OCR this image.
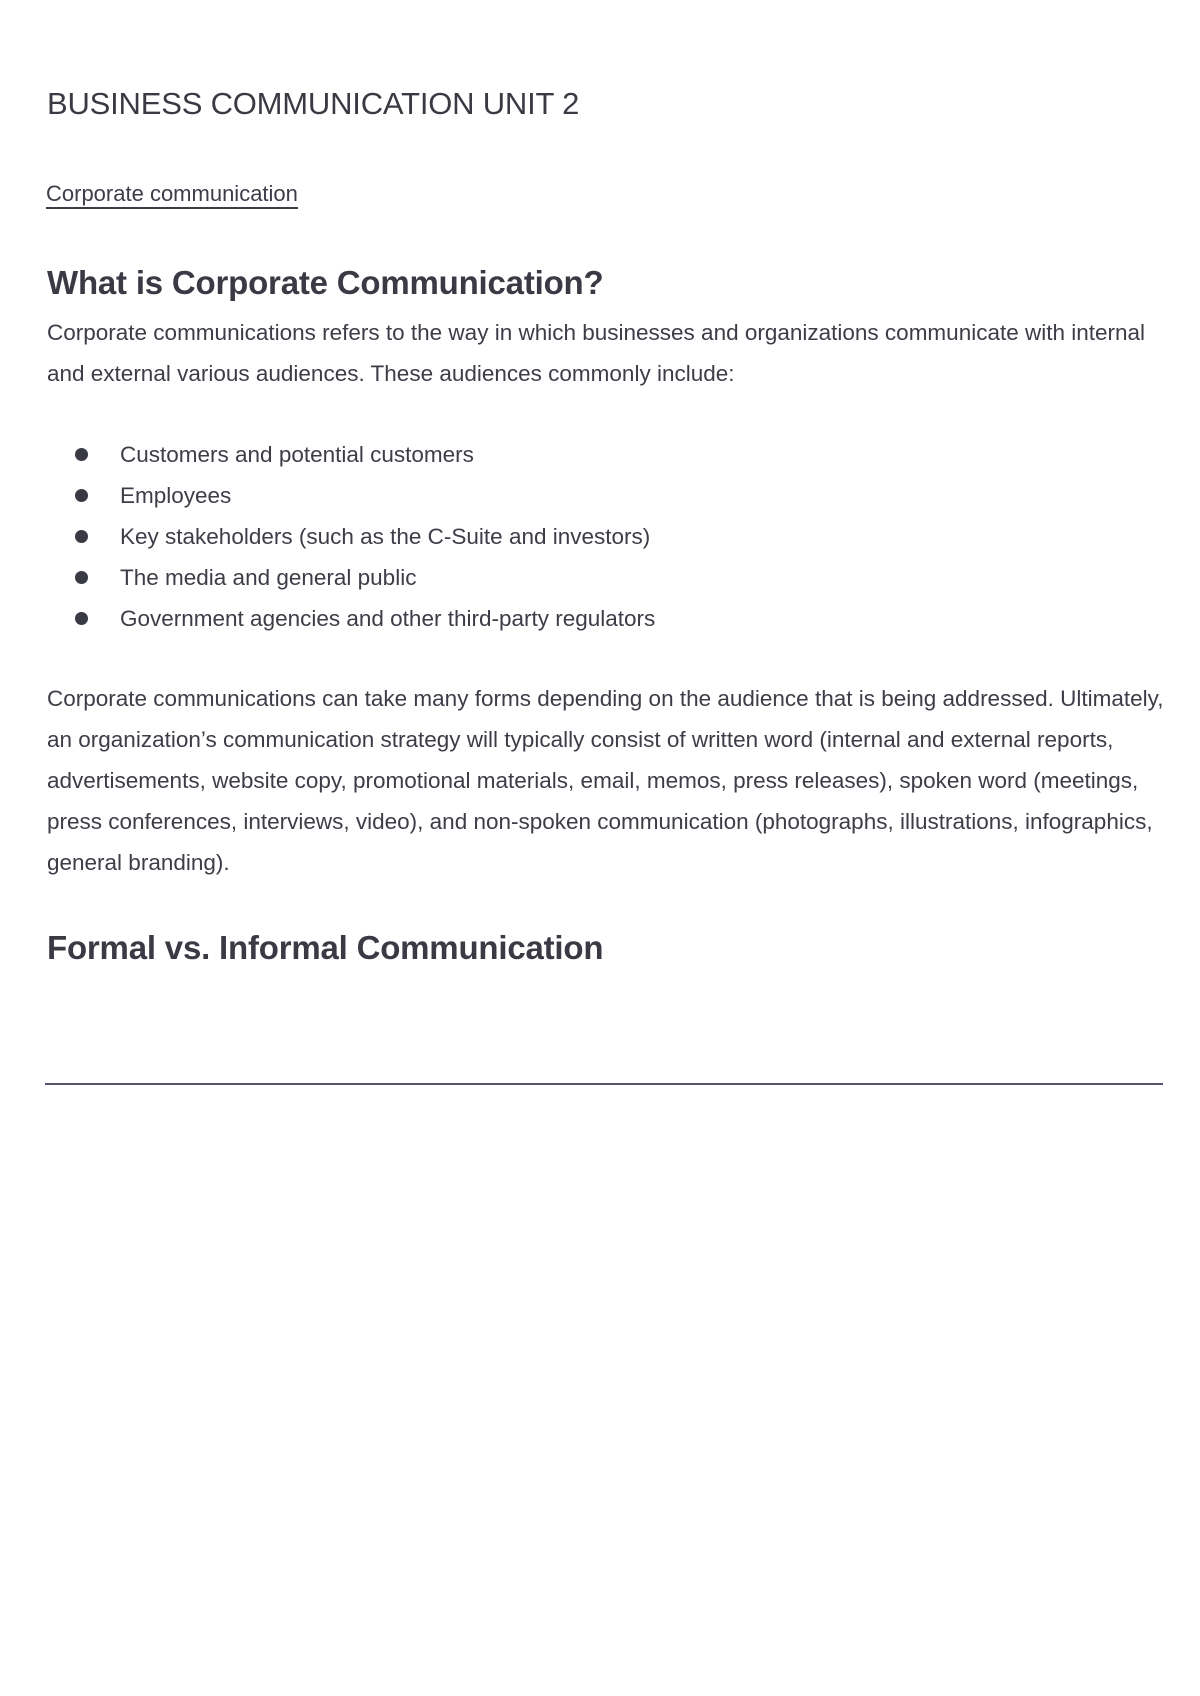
BUSINESS COMMUNICATION UNIT 2
Corporate communication
What is Corporate Communication?

Corporate communications refers to the way in which businesses and organizations communicate with internal and external various audiences. These audiences commonly include:

Customers and potential customers
Employees
Key stakeholders (such as the C-Suite and investors)
The media and general public
Government agencies and other third-party regulators

Corporate communications can take many forms depending on the audience that is being addressed. Ultimately, an organization’s communication strategy will typically consist of written word (internal and external reports, advertisements, website copy, promotional materials, email, memos, press releases), spoken word (meetings, press conferences, interviews, video), and non-spoken communication (photographs, illustrations, infographics, general branding).

Formal vs. Informal Communication
